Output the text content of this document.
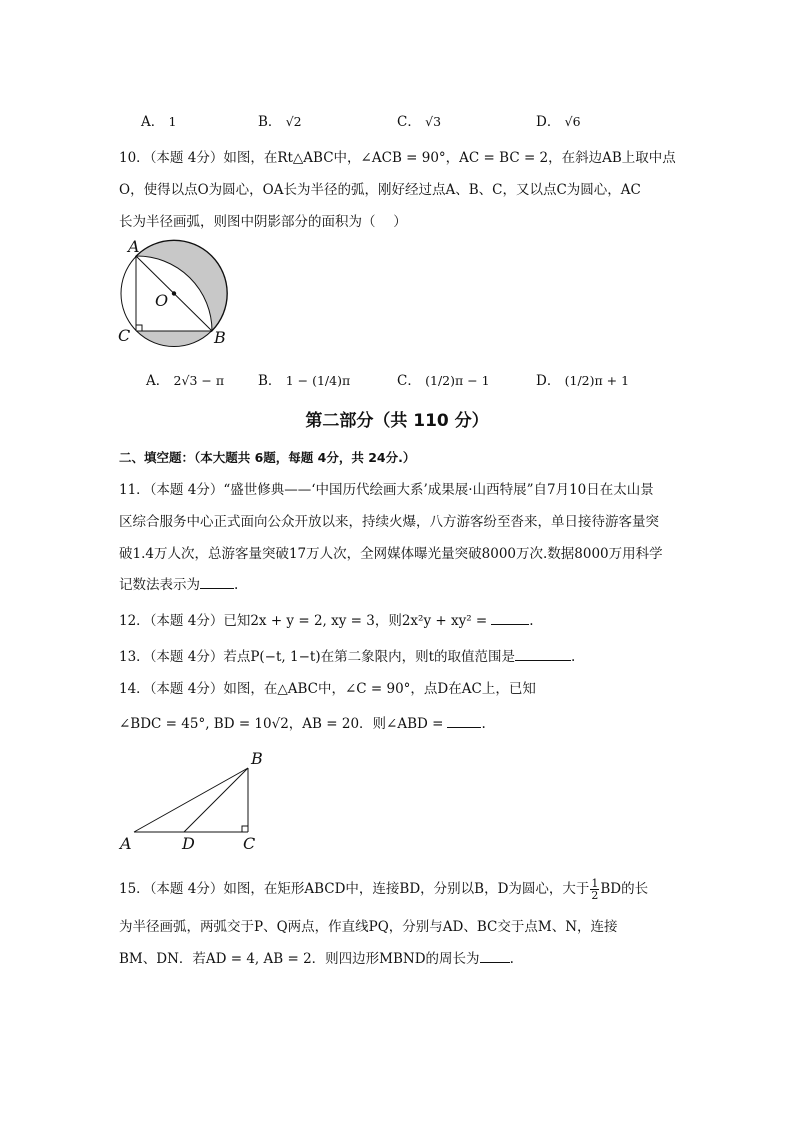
A． 1	B． √2	C． √3	D． √6
10．（本题 4分）如图，在Rt△ABC中，∠ACB = 90°，AC = BC = 2，在斜边AB上取中点
O，使得以点O为圆心，OA长为半径的弧，刚好经过点A、B、C，又以点C为圆心，AC
长为半径画弧，则图中阴影部分的面积为（　 ）
A
O
C	B
A． 2√3 − π	B． 1 − (1/4)π	C． (1/2)π − 1	D． (1/2)π + 1
第二部分（共 110 分）
二、填空题：（本大题共 6题，每题 4分，共 24分.）
11．（本题 4分）“盛世修典——‘中国历代绘画大系’成果展·山西特展”自7月10日在太山景
区综合服务中心正式面向公众开放以来，持续火爆，八方游客纷至沓来，单日接待游客量突
破1.4万人次，总游客量突破17万人次，全网媒体曝光量突破8000万次.数据8000万用科学
记数法表示为	.
12．（本题 4分）已知2x + y = 2, xy = 3，则2x²y + xy² =	.
13．（本题 4分）若点P(−t, 1−t)在第二象限内，则t的取值范围是	.
14．（本题 4分）如图，在△ABC中，∠C = 90°，点D在AC上，已知
∠BDC = 45°, BD = 10√2，AB = 20．则∠ABD =	.
A	D	C
B
15．（本题 4分）如图，在矩形ABCD中，连接BD，分别以B，D为圆心，大于 $\frac{1}{2}$ BD的长
为半径画弧，两弧交于P、Q两点，作直线PQ，分别与AD、BC交于点M、N，连接
BM、DN．若AD = 4, AB = 2．则四边形MBND的周长为 .
